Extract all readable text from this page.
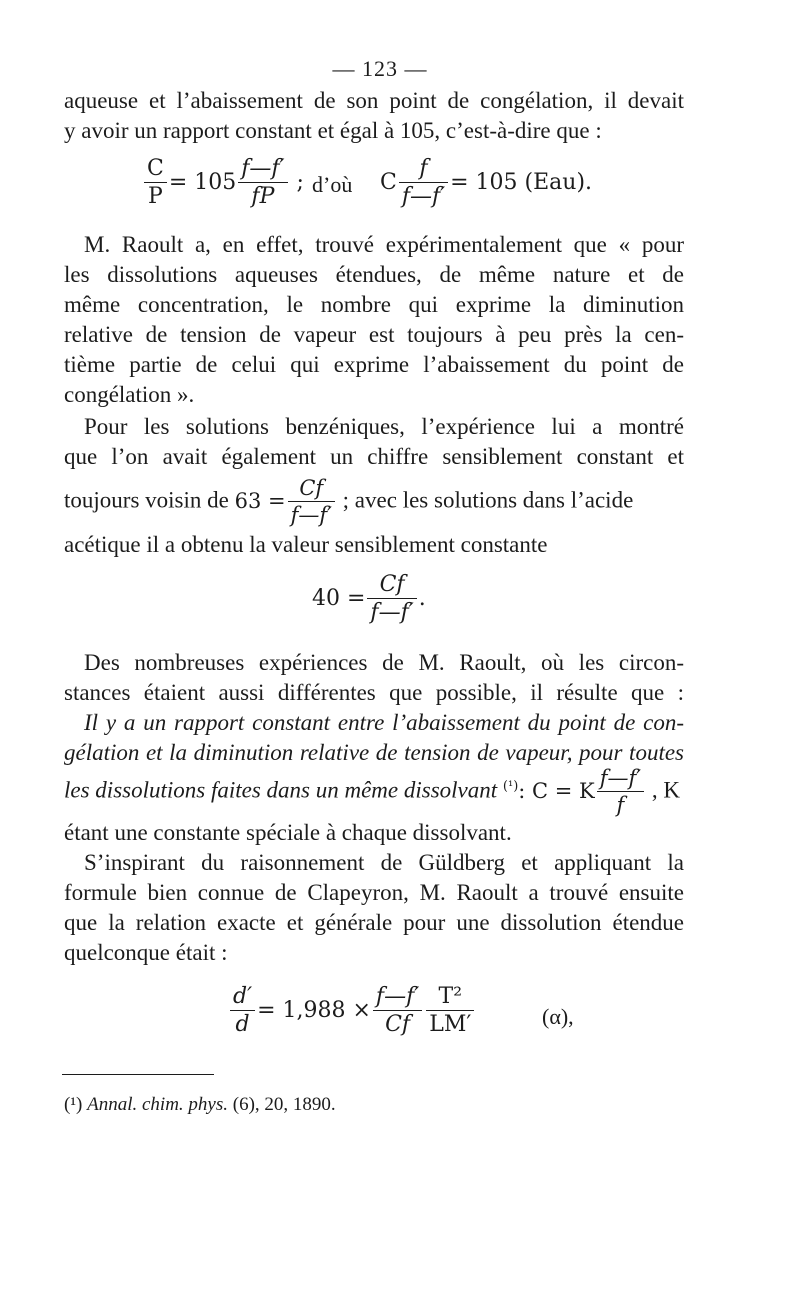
— 123 —
aqueuse et l’abaissement de son point de congélation, il devait
y avoir un rapport constant et égal à 105, c’est-à-dire que :
$\frac{C}{P} = 105 \frac{f—f'}{fP}$ ; d’où C $\frac{f}{f—f'} = 105$ (Eau).
M. Raoult a, en effet, trouvé expérimentalement que « pour
les dissolutions aqueuses étendues, de même nature et de
même concentration, le nombre qui exprime la diminution
relative de tension de vapeur est toujours à peu près la cen-
tième partie de celui qui exprime l’abaissement du point de
congélation ».
Pour les solutions benzéniques, l’expérience lui a montré
que l’on avait également un chiffre sensiblement constant et
toujours voisin de $63 = \frac{Cf}{f—f'}$ ; avec les solutions dans l’acide
acétique il a obtenu la valeur sensiblement constante
$40 = \frac{Cf}{f—f'}$ .
Des nombreuses expériences de M. Raoult, où les circon-
stances étaient aussi différentes que possible, il résulte que :
Il y a un rapport constant entre l’abaissement du point de con-
gélation et la diminution relative de tension de vapeur, pour toutes
les dissolutions faites dans un même dissolvant $^{(^1)}$: C = K $\frac{f—f'}{f}$ , K
étant une constante spéciale à chaque dissolvant.
S’inspirant du raisonnement de Güldberg et appliquant la
formule bien connue de Clapeyron, M. Raoult a trouvé ensuite
que la relation exacte et générale pour une dissolution étendue
quelconque était :
$\frac{d'}{d} = 1,988 \times \frac{f—f'}{Cf} \frac{\text{T²}}{LM'}$	(α),
(¹) Annal. chim. phys. (6), 20, 1890.
